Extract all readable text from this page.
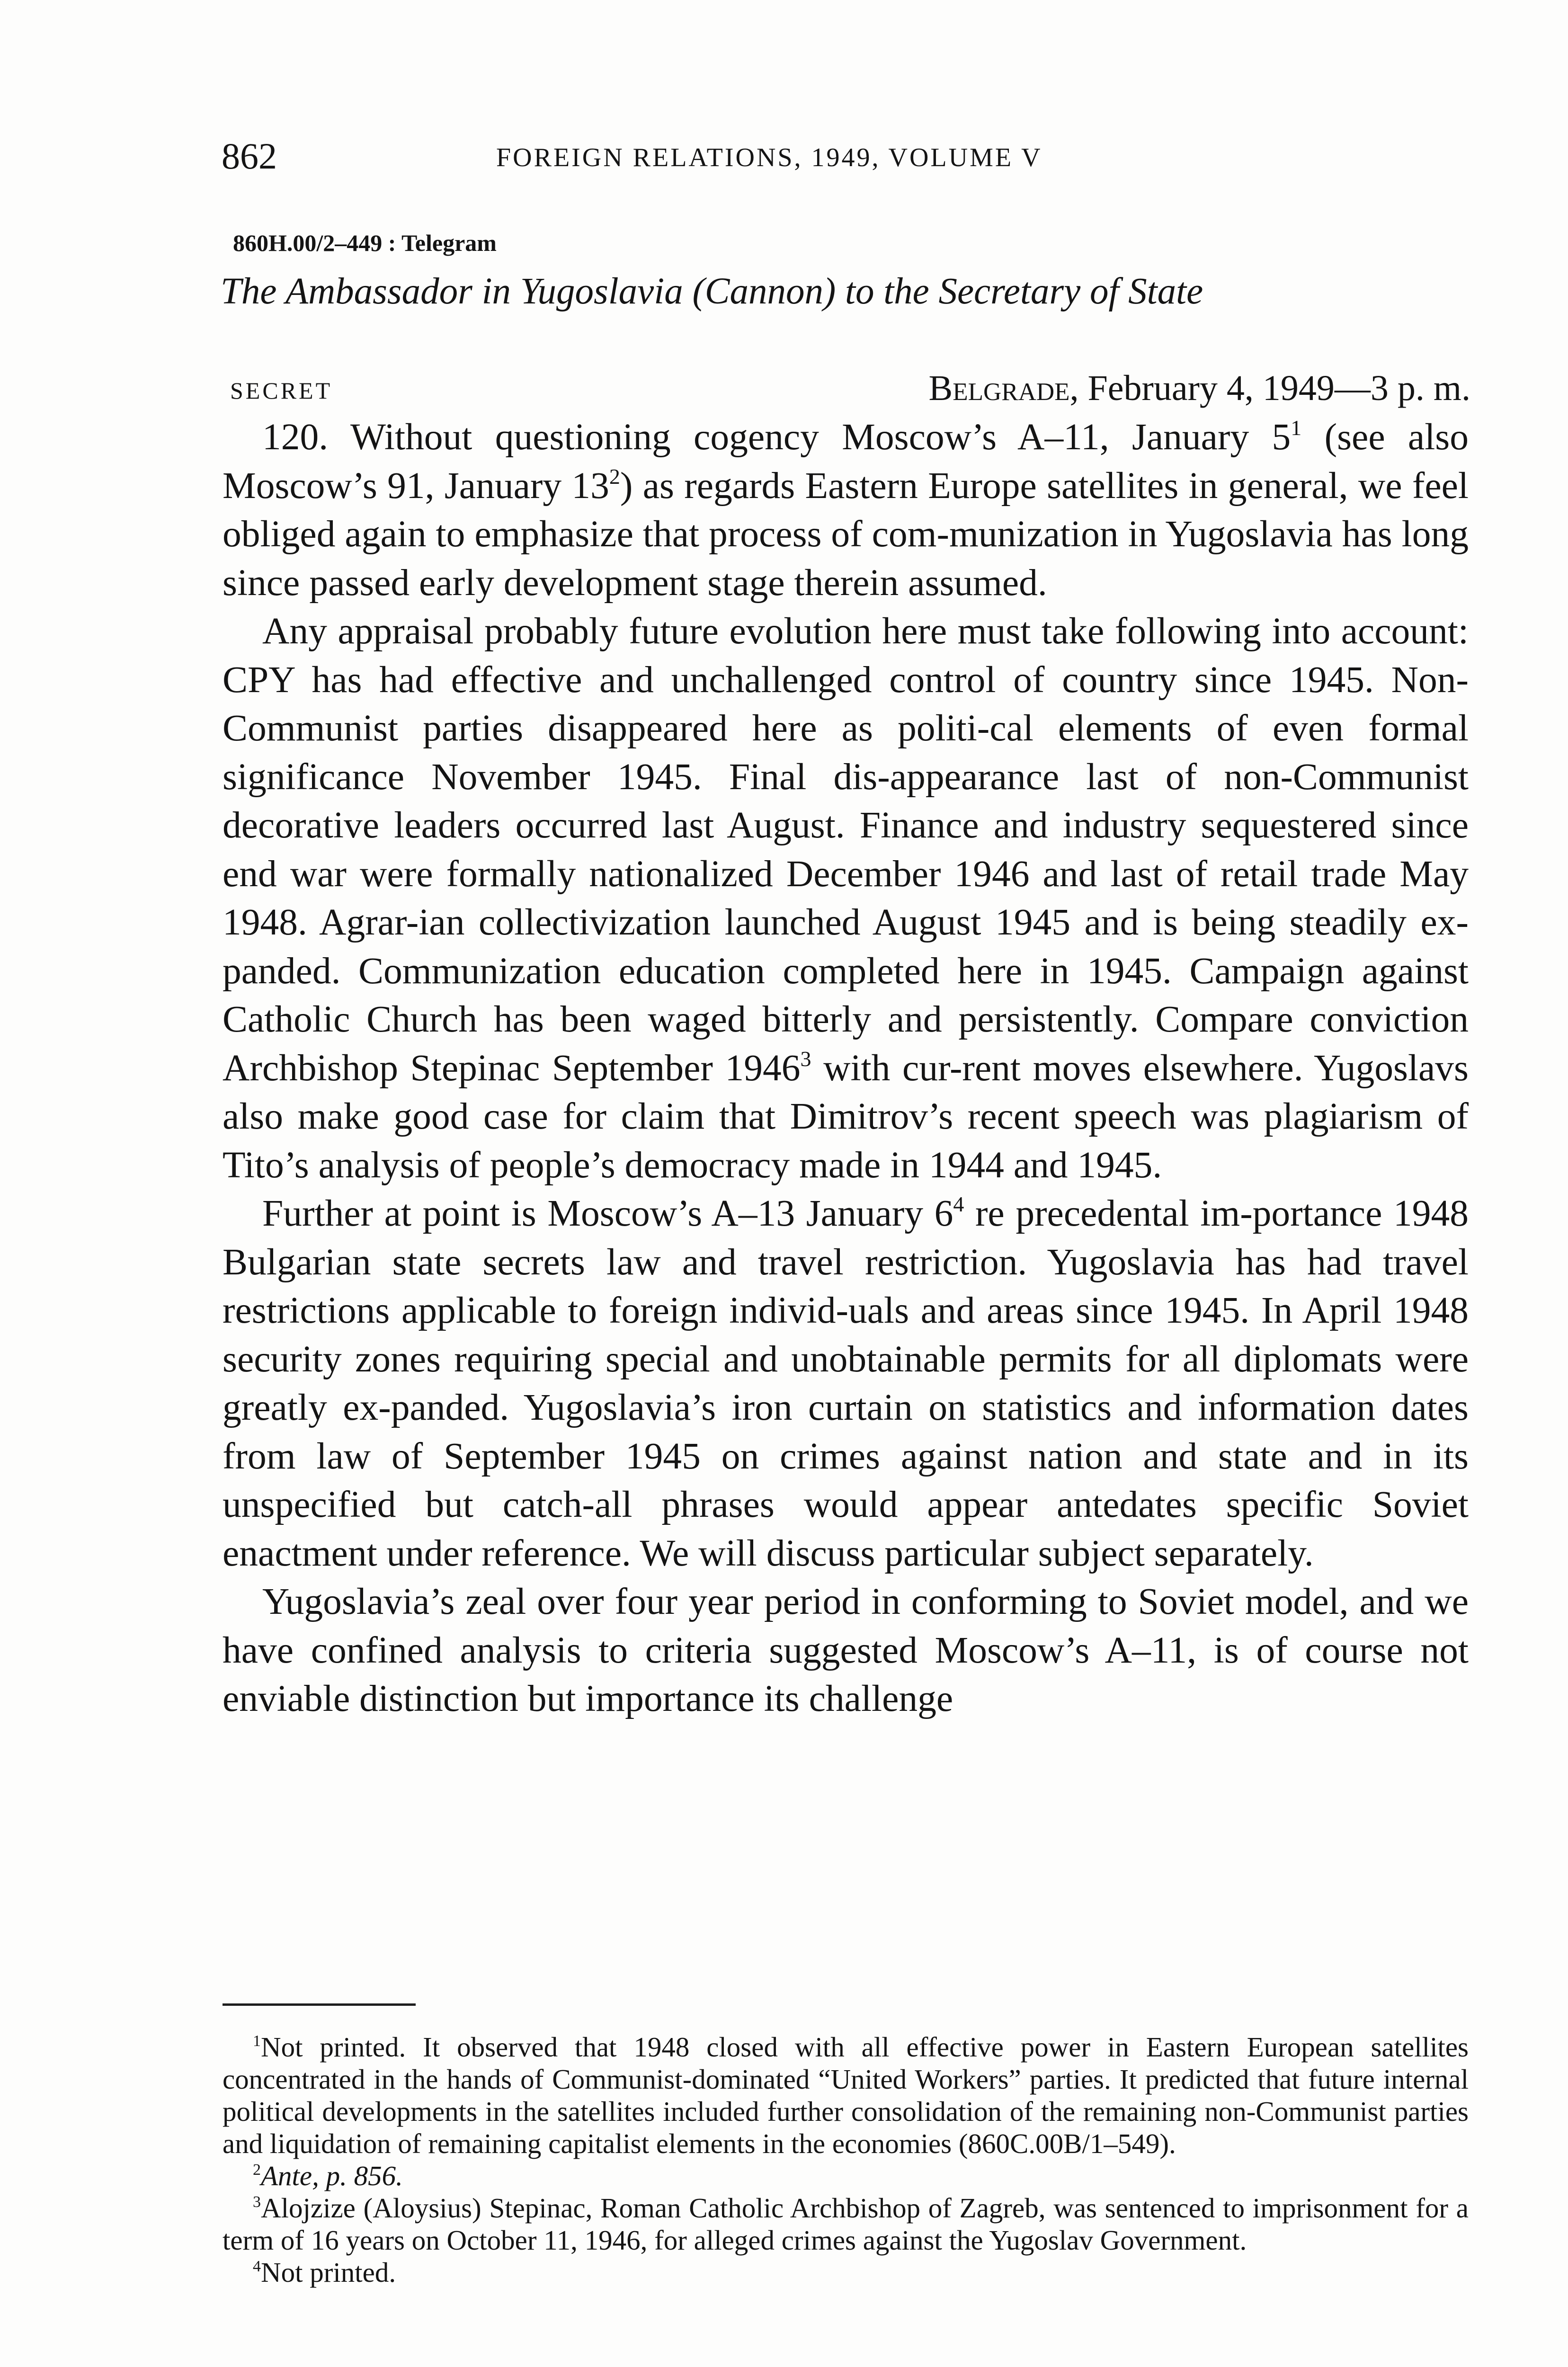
862	FOREIGN RELATIONS, 1949, VOLUME V
860H.00/2–449 : Telegram
The Ambassador in Yugoslavia (Cannon) to the Secretary of State
SECRET	Belgrade, February 4, 1949—3 p. m.

120. Without questioning cogency Moscow’s A–11, January $5^1$ (see also Moscow’s 91, January $13^2$) as regards Eastern Europe satellites in general, we feel obliged again to emphasize that process of com-munization in Yugoslavia has long since passed early development stage therein assumed.

Any appraisal probably future evolution here must take following into account: CPY has had effective and unchallenged control of country since 1945. Non-Communist parties disappeared here as politi-cal elements of even formal significance November 1945. Final dis-appearance last of non-Communist decorative leaders occurred last August. Finance and industry sequestered since end war were formally nationalized December 1946 and last of retail trade May 1948. Agrar-ian collectivization launched August 1945 and is being steadily ex-panded. Communization education completed here in 1945. Campaign against Catholic Church has been waged bitterly and persistently. Compare conviction Archbishop Stepinac September 1946$^3$ with cur-rent moves elsewhere. Yugoslavs also make good case for claim that Dimitrov’s recent speech was plagiarism of Tito’s analysis of people’s democracy made in 1944 and 1945.

Further at point is Moscow’s A–13 January $6^4$ re precedental im-portance 1948 Bulgarian state secrets law and travel restriction. Yugoslavia has had travel restrictions applicable to foreign individ-uals and areas since 1945. In April 1948 security zones requiring special and unobtainable permits for all diplomats were greatly ex-panded. Yugoslavia’s iron curtain on statistics and information dates from law of September 1945 on crimes against nation and state and in its unspecified but catch-all phrases would appear antedates specific Soviet enactment under reference. We will discuss particular subject separately.

Yugoslavia’s zeal over four year period in conforming to Soviet model, and we have confined analysis to criteria suggested Moscow’s A–11, is of course not enviable distinction but importance its challenge

$^1$Not printed. It observed that 1948 closed with all effective power in Eastern European satellites concentrated in the hands of Communist-dominated “United Workers” parties. It predicted that future internal political developments in the satellites included further consolidation of the remaining non-Communist parties and liquidation of remaining capitalist elements in the economies (860C.00B/1–549).

$^2$Ante, p. 856.

$^3$Alojzize (Aloysius) Stepinac, Roman Catholic Archbishop of Zagreb, was sentenced to imprisonment for a term of 16 years on October 11, 1946, for alleged crimes against the Yugoslav Government.

$^4$Not printed.
